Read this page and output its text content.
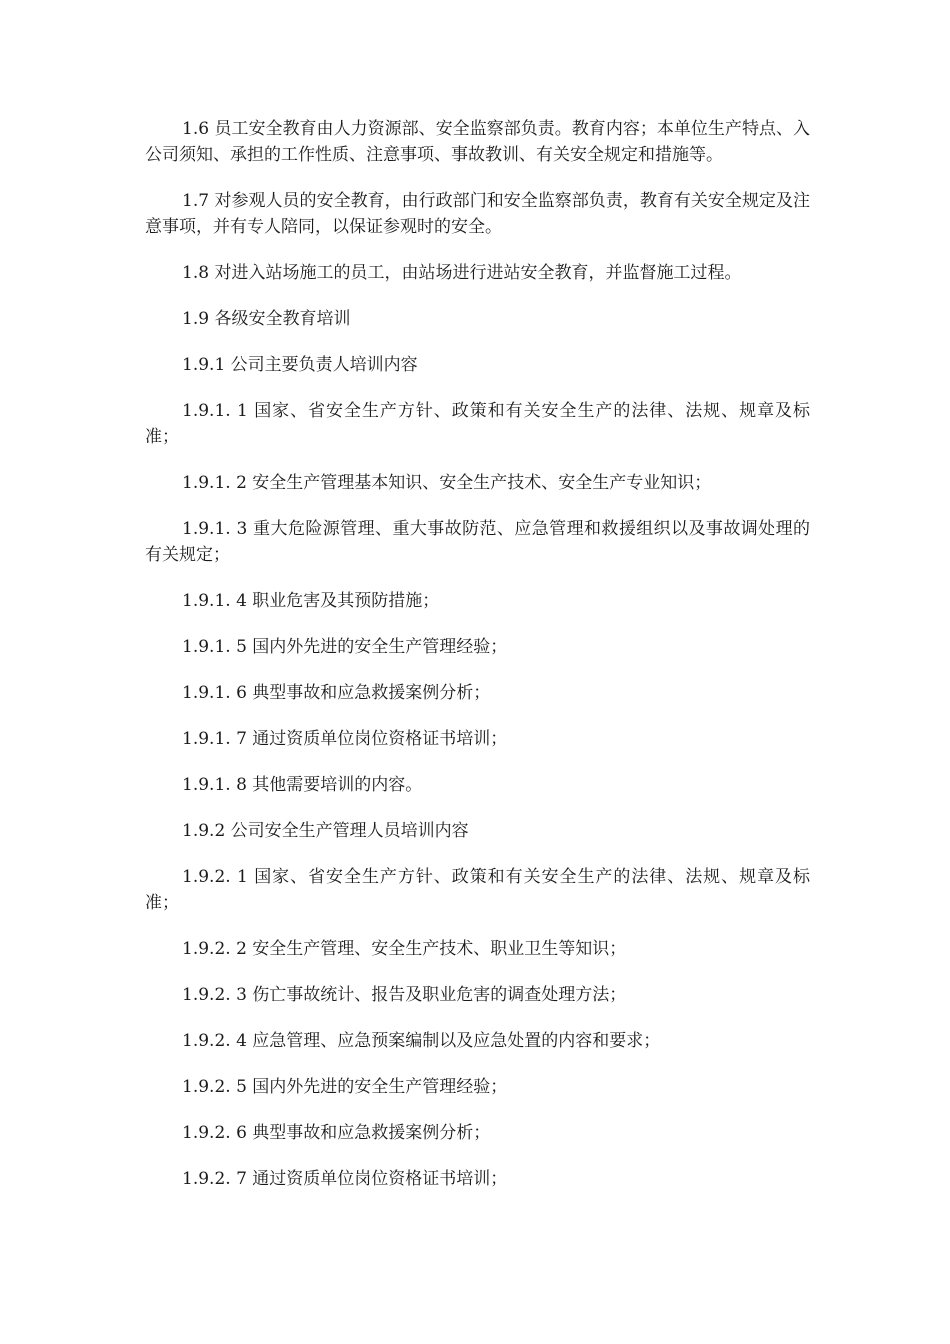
1.6 员工安全教育由人力资源部、安全监察部负责。教育内容；本单位生产特点、入公司须知、承担的工作性质、注意事项、事故教训、有关安全规定和措施等。

1.7 对参观人员的安全教育，由行政部门和安全监察部负责，教育有关安全规定及注意事项，并有专人陪同，以保证参观时的安全。

1.8 对进入站场施工的员工，由站场进行进站安全教育，并监督施工过程。

1.9 各级安全教育培训

1.9.1 公司主要负责人培训内容

1.9.1. 1 国家、省安全生产方针、政策和有关安全生产的法律、法规、规章及标准；

1.9.1. 2 安全生产管理基本知识、安全生产技术、安全生产专业知识；

1.9.1. 3 重大危险源管理、重大事故防范、应急管理和救援组织以及事故调处理的有关规定；

1.9.1. 4 职业危害及其预防措施；

1.9.1. 5 国内外先进的安全生产管理经验；

1.9.1. 6 典型事故和应急救援案例分析；

1.9.1. 7 通过资质单位岗位资格证书培训；

1.9.1. 8 其他需要培训的内容。

1.9.2 公司安全生产管理人员培训内容

1.9.2. 1 国家、省安全生产方针、政策和有关安全生产的法律、法规、规章及标准；

1.9.2. 2 安全生产管理、安全生产技术、职业卫生等知识；

1.9.2. 3 伤亡事故统计、报告及职业危害的调查处理方法；

1.9.2. 4 应急管理、应急预案编制以及应急处置的内容和要求；

1.9.2. 5 国内外先进的安全生产管理经验；

1.9.2. 6 典型事故和应急救援案例分析；

1.9.2. 7 通过资质单位岗位资格证书培训；
